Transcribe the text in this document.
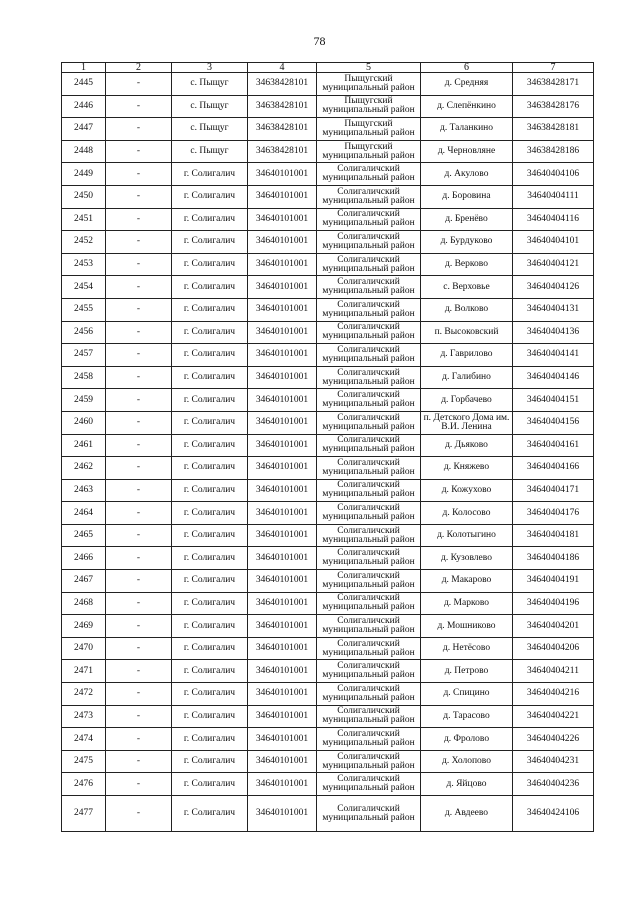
78
1	2	3	4	5	6	7
2445	-	с. Пыщуг	34638428101	Пыщугский муниципальный район	д. Средняя	34638428171
2446	-	с. Пыщуг	34638428101	Пыщугский муниципальный район	д. Слепёнкино	34638428176
2447	-	с. Пыщуг	34638428101	Пыщугский муниципальный район	д. Таланкино	34638428181
2448	-	с. Пыщуг	34638428101	Пыщугский муниципальный район	д. Черновляне	34638428186
2449	-	г. Солигалич	34640101001	Солигаличский муниципальный район	д. Акулово	34640404106
2450	-	г. Солигалич	34640101001	Солигаличский муниципальный район	д. Боровина	34640404111
2451	-	г. Солигалич	34640101001	Солигаличский муниципальный район	д. Бренёво	34640404116
2452	-	г. Солигалич	34640101001	Солигаличский муниципальный район	д. Бурдуково	34640404101
2453	-	г. Солигалич	34640101001	Солигаличский муниципальный район	д. Верково	34640404121
2454	-	г. Солигалич	34640101001	Солигаличский муниципальный район	с. Верховье	34640404126
2455	-	г. Солигалич	34640101001	Солигаличский муниципальный район	д. Волково	34640404131
2456	-	г. Солигалич	34640101001	Солигаличский муниципальный район	п. Высоковский	34640404136
2457	-	г. Солигалич	34640101001	Солигаличский муниципальный район	д. Гаврилово	34640404141
2458	-	г. Солигалич	34640101001	Солигаличский муниципальный район	д. Галибино	34640404146
2459	-	г. Солигалич	34640101001	Солигаличский муниципальный район	д. Горбачево	34640404151
2460	-	г. Солигалич	34640101001	Солигаличский муниципальный район	п. Детского Дома им. В.И. Ленина	34640404156
2461	-	г. Солигалич	34640101001	Солигаличский муниципальный район	д. Дьяково	34640404161
2462	-	г. Солигалич	34640101001	Солигаличский муниципальный район	д. Княжево	34640404166
2463	-	г. Солигалич	34640101001	Солигаличский муниципальный район	д. Кожухово	34640404171
2464	-	г. Солигалич	34640101001	Солигаличский муниципальный район	д. Колосово	34640404176
2465	-	г. Солигалич	34640101001	Солигаличский муниципальный район	д. Колотыгино	34640404181
2466	-	г. Солигалич	34640101001	Солигаличский муниципальный район	д. Кузовлево	34640404186
2467	-	г. Солигалич	34640101001	Солигаличский муниципальный район	д. Макарово	34640404191
2468	-	г. Солигалич	34640101001	Солигаличский муниципальный район	д. Марково	34640404196
2469	-	г. Солигалич	34640101001	Солигаличский муниципальный район	д. Мошниково	34640404201
2470	-	г. Солигалич	34640101001	Солигаличский муниципальный район	д. Нетёсово	34640404206
2471	-	г. Солигалич	34640101001	Солигаличский муниципальный район	д. Петрово	34640404211
2472	-	г. Солигалич	34640101001	Солигаличский муниципальный район	д. Спицино	34640404216
2473	-	г. Солигалич	34640101001	Солигаличский муниципальный район	д. Тарасово	34640404221
2474	-	г. Солигалич	34640101001	Солигаличский муниципальный район	д. Фролово	34640404226
2475	-	г. Солигалич	34640101001	Солигаличский муниципальный район	д. Холопово	34640404231
2476	-	г. Солигалич	34640101001	Солигаличский муниципальный район	д. Яйцово	34640404236
2477	-	г. Солигалич	34640101001	Солигаличский муниципальный район	д. Авдеево	34640424106
